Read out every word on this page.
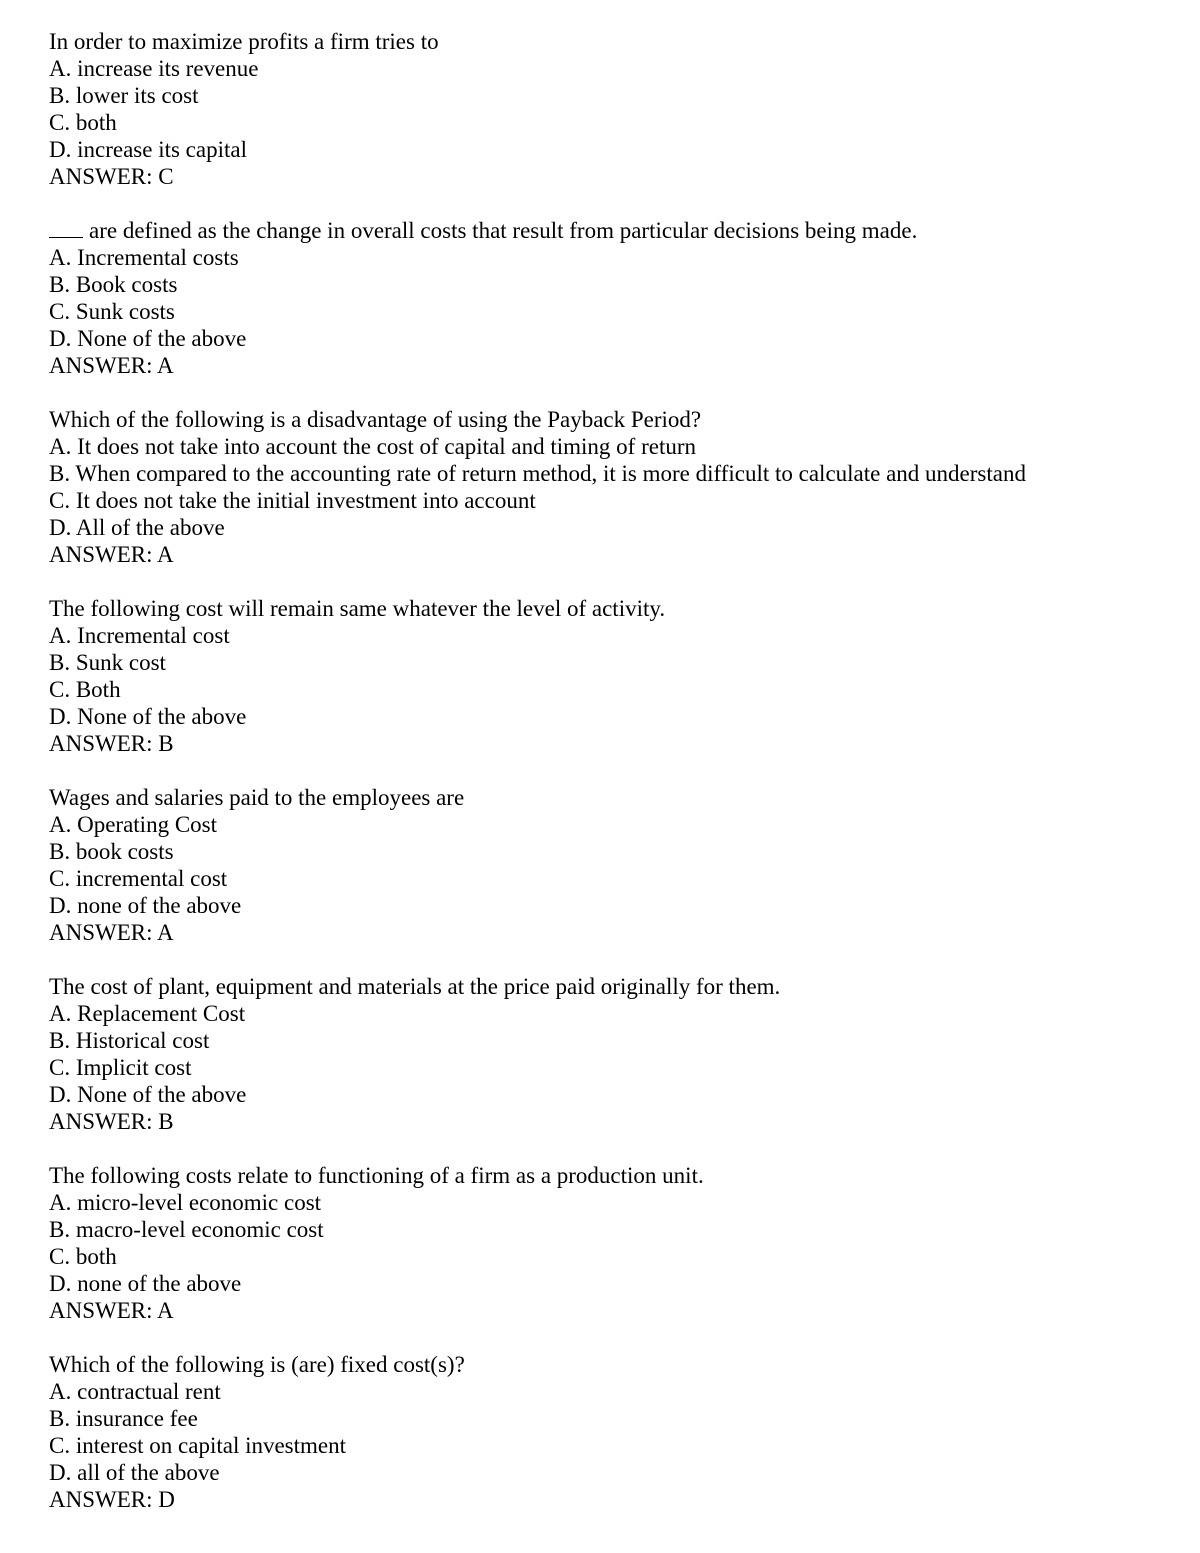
In order to maximize profits a firm tries to
A. increase its revenue
B. lower its cost
C. both
D. increase its capital
ANSWER: C
are defined as the change in overall costs that result from particular decisions being made.
A. Incremental costs
B. Book costs
C. Sunk costs
D. None of the above
ANSWER: A
Which of the following is a disadvantage of using the Payback Period?
A. It does not take into account the cost of capital and timing of return
B. When compared to the accounting rate of return method, it is more difficult to calculate and understand
C. It does not take the initial investment into account
D. All of the above
ANSWER: A
The following cost will remain same whatever the level of activity.
A. Incremental cost
B. Sunk cost
C. Both
D. None of the above
ANSWER: B
Wages and salaries paid to the employees are
A. Operating Cost
B. book costs
C. incremental cost
D. none of the above
ANSWER: A
The cost of plant, equipment and materials at the price paid originally for them.
A. Replacement Cost
B. Historical cost
C. Implicit cost
D. None of the above
ANSWER: B
The following costs relate to functioning of a firm as a production unit.
A. micro-level economic cost
B. macro-level economic cost
C. both
D. none of the above
ANSWER: A
Which of the following is (are) fixed cost(s)?
A. contractual rent
B. insurance fee
C. interest on capital investment
D. all of the above
ANSWER: D
